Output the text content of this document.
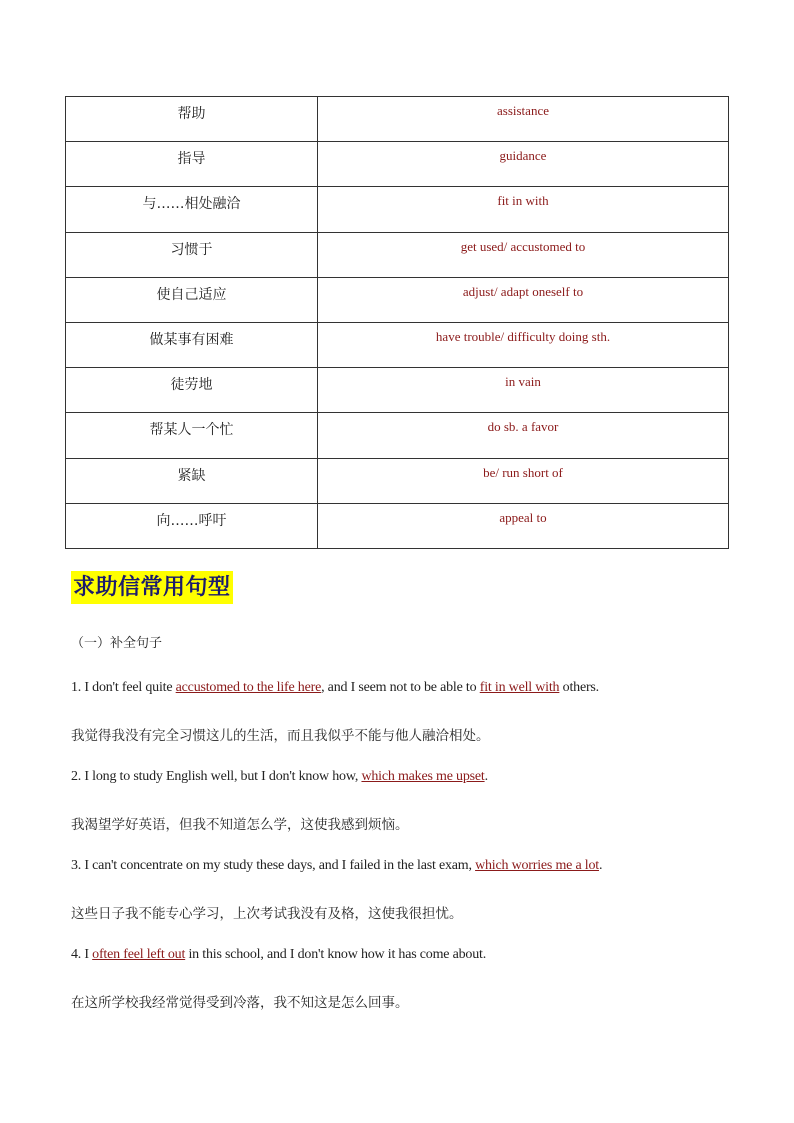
帮助	assistance
指导	guidance
与……相处融洽	fit in with
习惯于	get used/ accustomed to
使自己适应	adjust/ adapt oneself to
做某事有困难	have trouble/ difficulty doing sth.
徒劳地	in vain
帮某人一个忙	do sb. a favor
紧缺	be/ run short of
向……呼吁	appeal to
求助信常用句型
（一）补全句子
1. I don't feel quite accustomed to the life here, and I seem not to be able to fit in well with others.
我觉得我没有完全习惯这儿的生活，而且我似乎不能与他人融洽相处。
2. I long to study English well, but I don't know how, which makes me upset.
我渴望学好英语，但我不知道怎么学，这使我感到烦恼。
3. I can't concentrate on my study these days, and I failed in the last exam, which worries me a lot.
这些日子我不能专心学习，上次考试我没有及格，这使我很担忧。
4. I often feel left out in this school, and I don't know how it has come about.
在这所学校我经常觉得受到冷落，我不知这是怎么回事。
